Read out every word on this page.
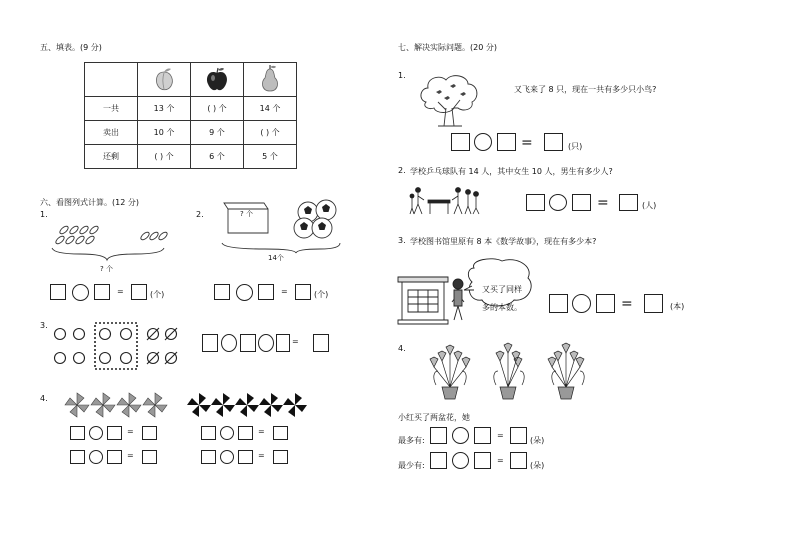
五、填表。(9 分)

一共	13 个	( ) 个	14 个
卖出	10 个	9 个	( ) 个
还剩	( ) 个	6 个	5 个
六、看图列式计算。(12 分)
1.
? 个
=	(个)
2.	? 个
14个
=	(个)
3.
=
4.
=
=
=
=
七、解决实际问题。(20 分)
1.
又飞来了 8 只，现在一共有多少只小鸟?
=	(只)
2. 学校乒乓球队有 14 人，其中女生 10 人，男生有多少人?
=	(人)
3. 学校图书馆里原有 8 本《数学故事》，现在有多少本?
又买了同样
多的本数。	=	(本)
4.
小红买了两盆花，她
最多有:
=
(朵)
最少有:
=
(朵)
